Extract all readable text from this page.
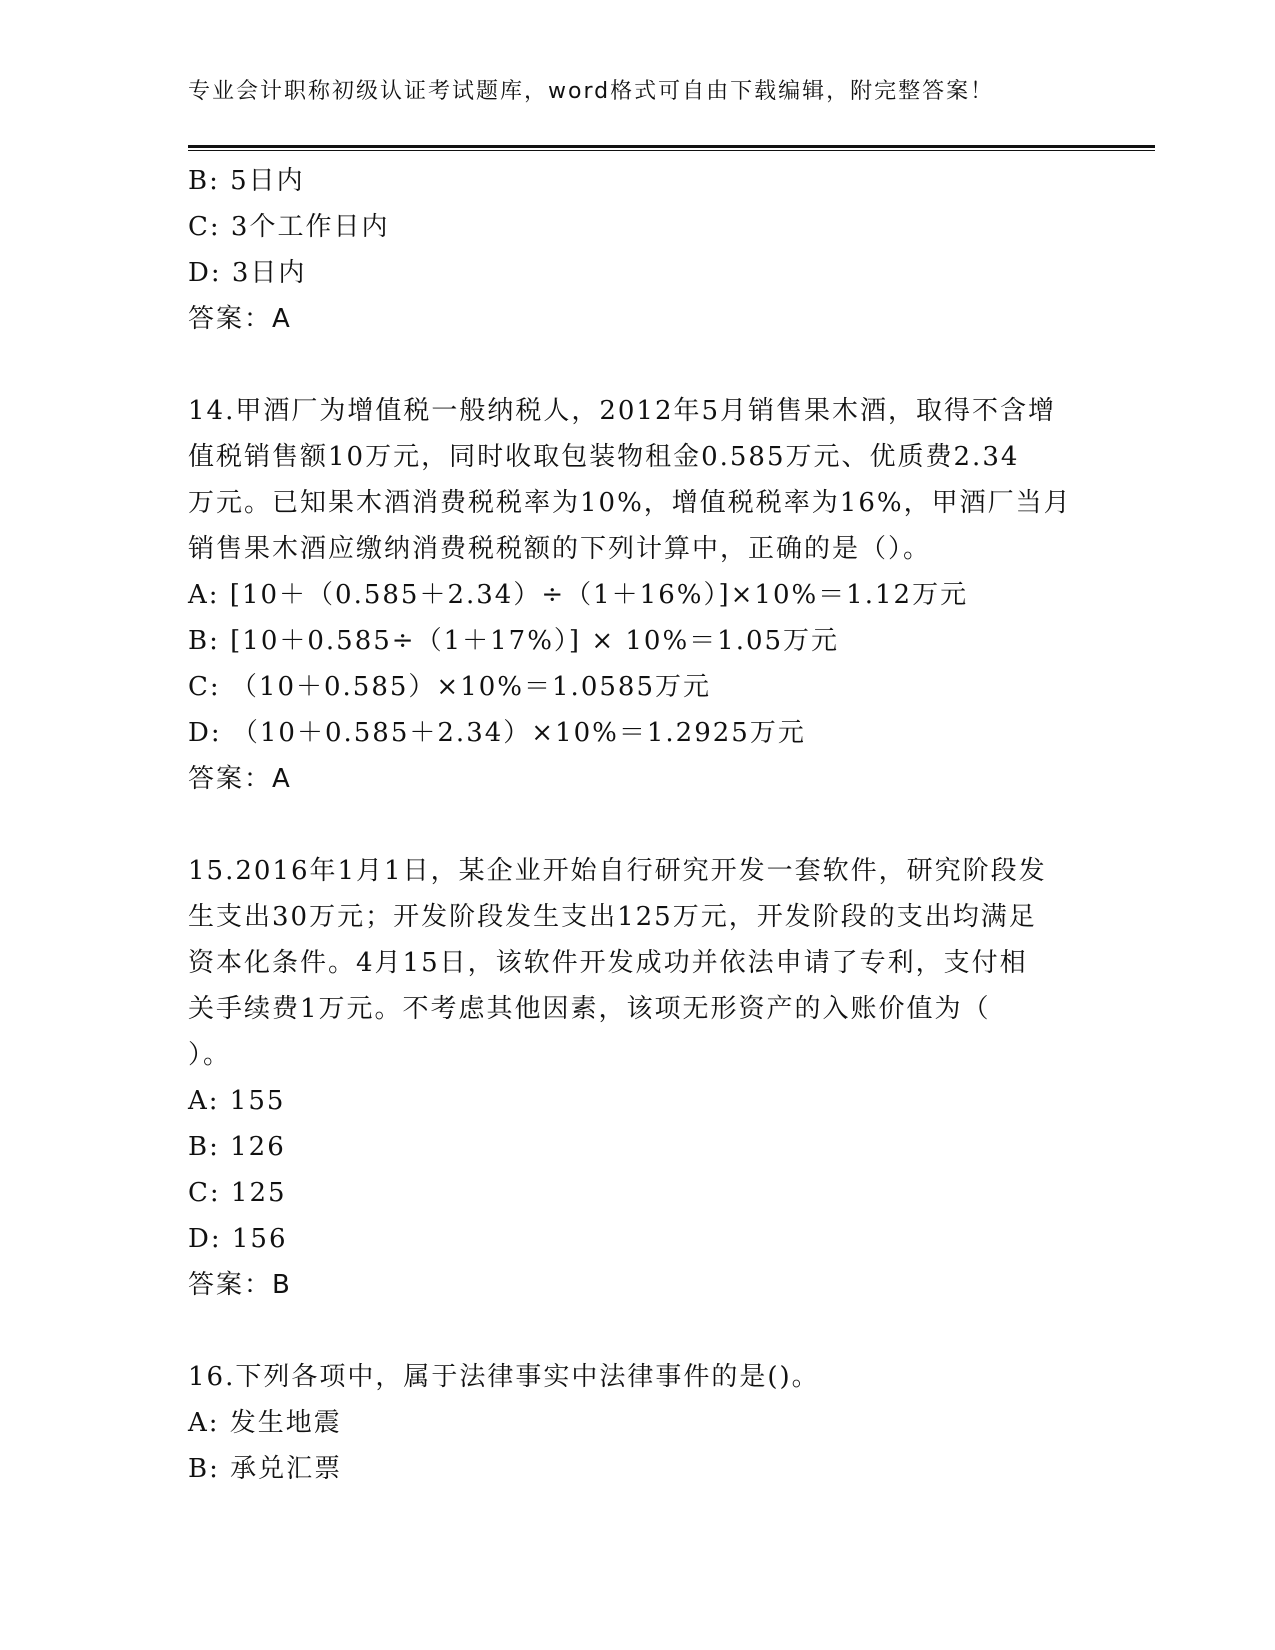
专业会计职称初级认证考试题库，word格式可自由下载编辑，附完整答案！
B: 5日内
C: 3个工作日内
D: 3日内
答案：A
14.甲酒厂为增值税一般纳税人，2012年5月销售果木酒，取得不含增
值税销售额10万元，同时收取包装物租金0.585万元、优质费2.34
万元。已知果木酒消费税税率为10%，增值税税率为16%，甲酒厂当月
销售果木酒应缴纳消费税税额的下列计算中，正确的是（）。
A: [10＋（0.585＋2.34）÷（1＋16%）]×10%＝1.12万元
B: [10＋0.585÷（1＋17%）] × 10%＝1.05万元
C: （10＋0.585）×10%＝1.0585万元
D: （10＋0.585＋2.34）×10%＝1.2925万元
答案：A
15.2016年1月1日，某企业开始自行研究开发一套软件，研究阶段发
生支出30万元；开发阶段发生支出125万元，开发阶段的支出均满足
资本化条件。4月15日，该软件开发成功并依法申请了专利，支付相
关手续费1万元。不考虑其他因素，该项无形资产的入账价值为（
）。
A: 155
B: 126
C: 125
D: 156
答案：B
16.下列各项中，属于法律事实中法律事件的是()。
A: 发生地震
B: 承兑汇票
